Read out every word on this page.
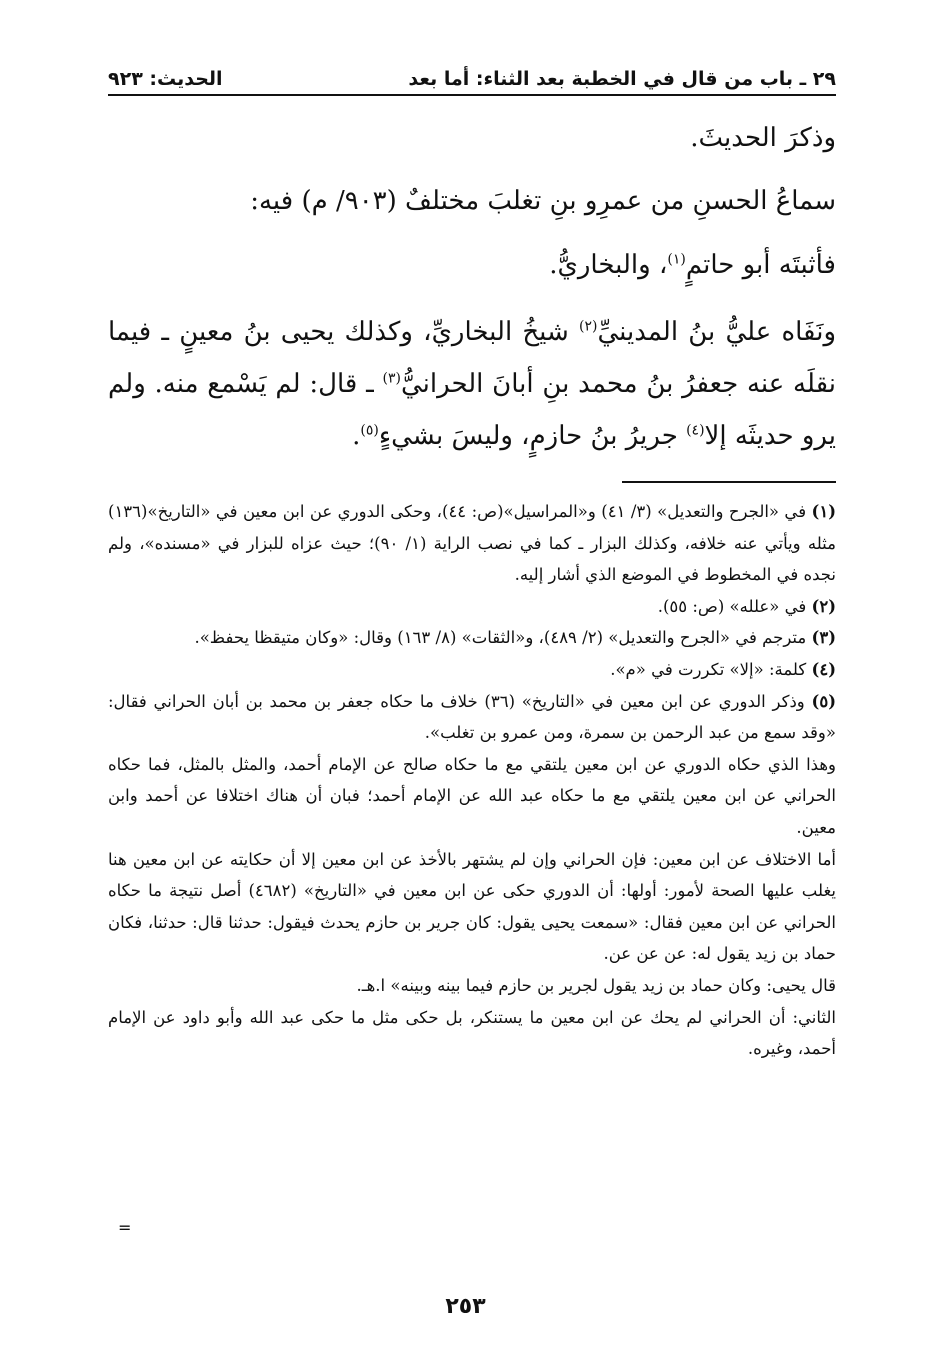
٢٩ ـ باب من قال في الخطبة بعد الثناء: أما بعد
الحديث: ٩٢٣

وذكرَ الحديثَ.

سماعُ الحسنِ من عمرِو بنِ تغلبَ مختلفٌ (٩٠٣/ م) فيه:

فأثبتَه أبو حاتمٍ$^{(١)}$، والبخاريُّ.

ونَفَاه عليُّ بنُ المدينيِّ$^{(٢)}$ شيخُ البخاريِّ، وكذلك يحيى بنُ معينٍ ـ فيما نقلَه عنه جعفرُ بنُ محمد بنِ أبانَ الحرانيُّ$^{(٣)}$ ـ قال: لم يَسْمع منه. ولم يرو حديثَه إلا$^{(٤)}$ جريرُ بنُ حازمٍ، وليسَ بشيءٍ$^{(٥)}$.

(١) في «الجرح والتعديل» (٣/ ٤١) و«المراسيل»(ص: ٤٤)، وحكى الدوري عن ابن معين في «التاريخ»(١٣٦) مثله ويأتي عنه خلافه، وكذلك البزار ـ كما في نصب الراية (١/ ٩٠)؛ حيث عزاه للبزار في «مسنده»، ولم نجده في المخطوط في الموضع الذي أشار إليه.

(٢) في «علله» (ص: ٥٥).

(٣) مترجم في «الجرح والتعديل» (٢/ ٤٨٩)، و«الثقات» (٨/ ١٦٣) وقال: «وكان متيقظا يحفظ».

(٤) كلمة: «إلا» تكررت في «م».

(٥) وذكر الدوري عن ابن معين في «التاريخ» (٣٦) خلاف ما حكاه جعفر بن محمد بن أبان الحراني فقال: «وقد سمع من عبد الرحمن بن سمرة، ومن عمرو بن تغلب».

وهذا الذي حكاه الدوري عن ابن معين يلتقي مع ما حكاه صالح عن الإمام أحمد، والمثل بالمثل، فما حكاه الحراني عن ابن معين يلتقي مع ما حكاه عبد الله عن الإمام أحمد؛ فبان أن هناك اختلافا عن أحمد وابن معين.

أما الاختلاف عن ابن معين: فإن الحراني وإن لم يشتهر بالأخذ عن ابن معين إلا أن حكايته عن ابن معين هنا يغلب عليها الصحة لأمور: أولها: أن الدوري حكى عن ابن معين في «التاريخ» (٤٦٨٢) أصل نتيجة ما حكاه الحراني عن ابن معين فقال: «سمعت يحيى يقول: كان جرير بن حازم يحدث فيقول: حدثنا قال: حدثنا، فكان حماد بن زيد يقول له: عن عن عن.

قال يحيى: وكان حماد بن زيد يقول لجرير بن حازم فيما بينه وبينه» ا.هـ.

الثاني: أن الحراني لم يحك عن ابن معين ما يستنكر، بل حكى مثل ما حكى عبد الله وأبو داود عن الإمام أحمد، وغيره.

=
٢٥٣
